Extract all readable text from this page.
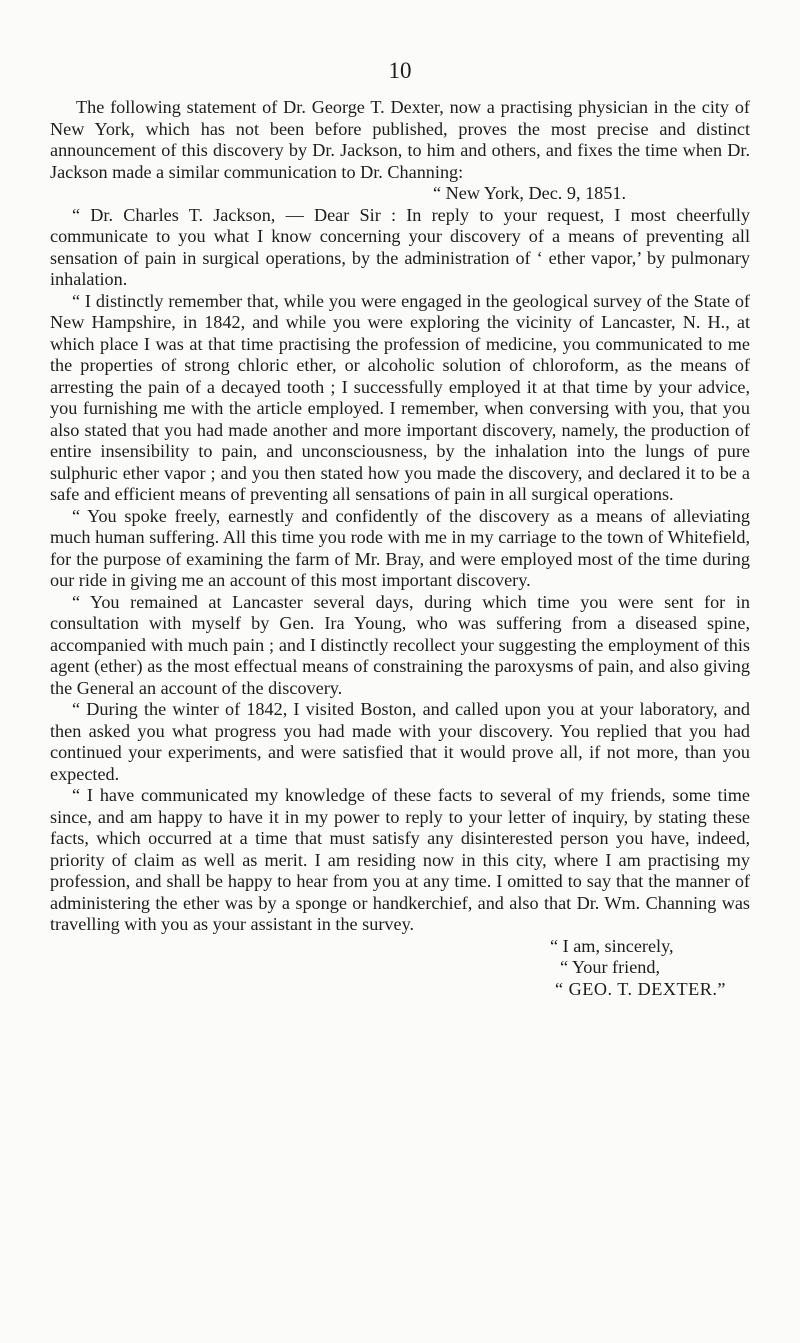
10

The following statement of Dr. George T. Dexter, now a practising physician in the city of New York, which has not been before published, proves the most precise and distinct announcement of this discovery by Dr. Jackson, to him and others, and fixes the time when Dr. Jackson made a similar communication to Dr. Channing:

“ New York, Dec. 9, 1851.

“ Dr. Charles T. Jackson, — Dear Sir : In reply to your request, I most cheerfully communicate to you what I know concerning your discovery of a means of preventing all sensation of pain in surgical operations, by the administration of ‘ ether vapor,’ by pulmonary inhalation.

“ I distinctly remember that, while you were engaged in the geological survey of the State of New Hampshire, in 1842, and while you were exploring the vicinity of Lancaster, N. H., at which place I was at that time practising the profession of medicine, you communicated to me the properties of strong chloric ether, or alcoholic solution of chloroform, as the means of arresting the pain of a decayed tooth ; I successfully employed it at that time by your advice, you furnishing me with the article employed. I remember, when conversing with you, that you also stated that you had made another and more important discovery, namely, the production of entire insensibility to pain, and unconsciousness, by the inhalation into the lungs of pure sulphuric ether vapor ; and you then stated how you made the discovery, and declared it to be a safe and efficient means of preventing all sensations of pain in all surgical operations.

“ You spoke freely, earnestly and confidently of the discovery as a means of alleviating much human suffering. All this time you rode with me in my carriage to the town of Whitefield, for the purpose of examining the farm of Mr. Bray, and were employed most of the time during our ride in giving me an account of this most important discovery.

“ You remained at Lancaster several days, during which time you were sent for in consultation with myself by Gen. Ira Young, who was suffering from a diseased spine, accompanied with much pain ; and I distinctly recollect your suggesting the employment of this agent (ether) as the most effectual means of constraining the paroxysms of pain, and also giving the General an account of the discovery.

“ During the winter of 1842, I visited Boston, and called upon you at your laboratory, and then asked you what progress you had made with your discovery. You replied that you had continued your experiments, and were satisfied that it would prove all, if not more, than you expected.

“ I have communicated my knowledge of these facts to several of my friends, some time since, and am happy to have it in my power to reply to your letter of inquiry, by stating these facts, which occurred at a time that must satisfy any disinterested person you have, indeed, priority of claim as well as merit. I am residing now in this city, where I am practising my profession, and shall be happy to hear from you at any time. I omitted to say that the manner of administering the ether was by a sponge or handkerchief, and also that Dr. Wm. Channing was travelling with you as your assistant in the survey.

“ I am, sincerely,
“ Your friend,
“ GEO. T. DEXTER.”
